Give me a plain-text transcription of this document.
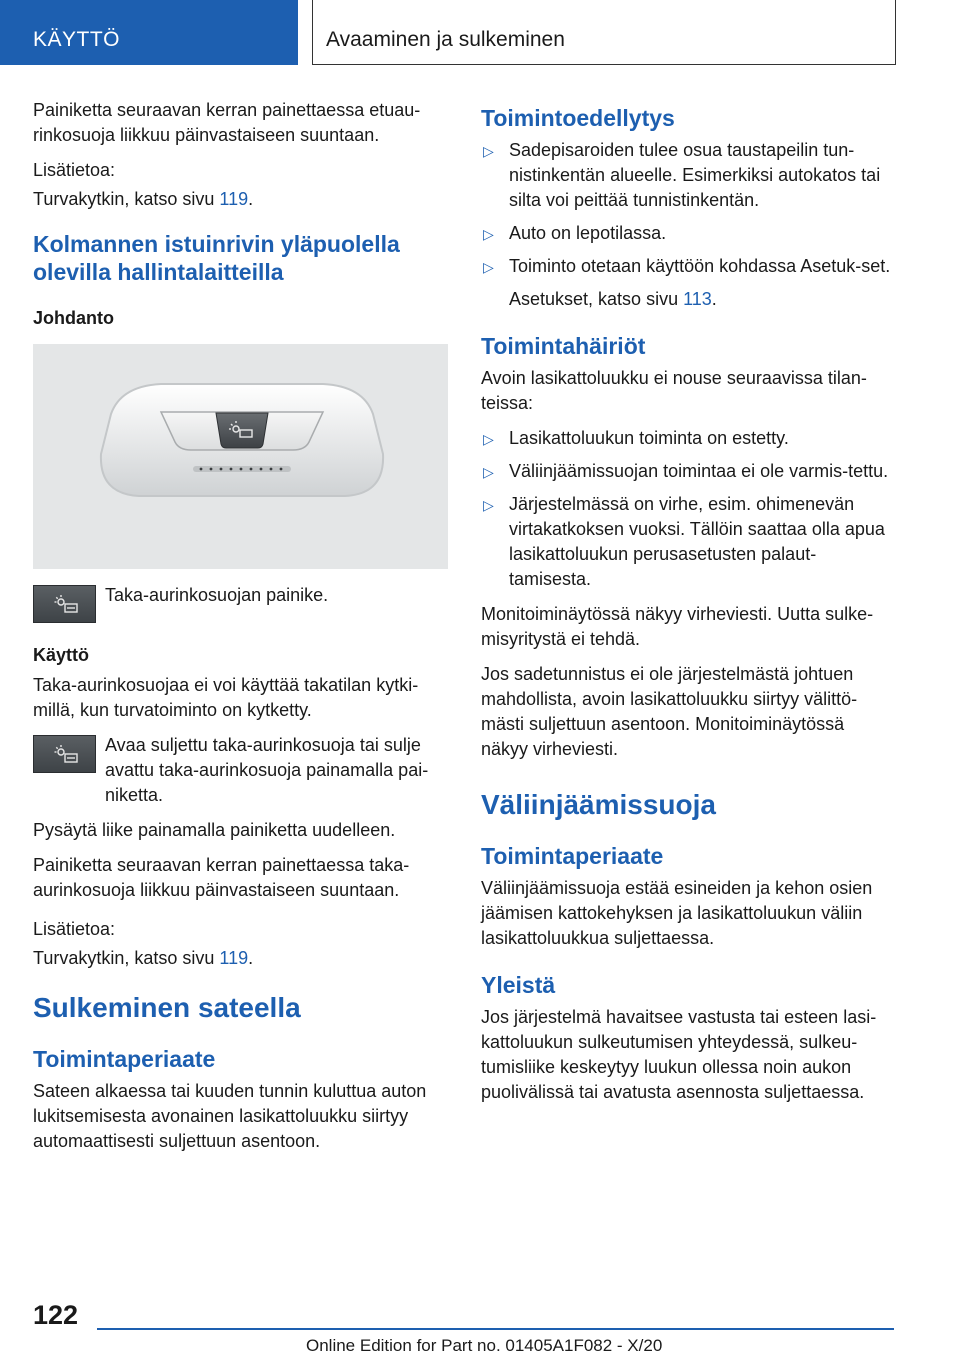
KÄYTTÖ	Avaaminen ja sulkeminen

Painiketta seuraavan kerran painettaessa etuau-rinkosuoja liikkuu päinvastaiseen suuntaan.

Lisätietoa:

Turvakytkin, katso sivu 119.

Kolmannen istuinrivin yläpuolella olevilla hallintalaitteilla
Johdanto

Taka-aurinkosuojan painike.

Käyttö

Taka-aurinkosuojaa ei voi käyttää takatilan kytki-millä, kun turvatoiminto on kytketty.

Avaa suljettu taka-aurinkosuoja tai sulje avattu taka-aurinkosuoja painamalla pai-niketta.

Pysäytä liike painamalla painiketta uudelleen.

Painiketta seuraavan kerran painettaessa taka-aurinkosuoja liikkuu päinvastaiseen suuntaan.

Lisätietoa:

Turvakytkin, katso sivu 119.

Sulkeminen sateella
Toimintaperiaate

Sateen alkaessa tai kuuden tunnin kuluttua auton lukitsemisesta avonainen lasikattoluukku siirtyy automaattisesti suljettuun asentoon.

Toimintoedellytys
▷ Sadepisaroiden tulee osua taustapeilin tun-nistinkentän alueelle. Esimerkiksi autokatos tai silta voi peittää tunnistinkentän.
▷ Auto on lepotilassa.
▷ Toiminto otetaan käyttöön kohdassa Asetuk-set.
Asetukset, katso sivu 113.
Toimintahäiriöt

Avoin lasikattoluukku ei nouse seuraavissa tilan-teissa:

▷ Lasikattoluukun toiminta on estetty.
▷ Väliinjäämissuojan toimintaa ei ole varmis-tettu.
▷ Järjestelmässä on virhe, esim. ohimenevän virtakatkoksen vuoksi. Tällöin saattaa olla apua lasikattoluukun perusasetusten palaut-tamisesta.

Monitoiminäytössä näkyy virheviesti. Uutta sulke-misyritystä ei tehdä.

Jos sadetunnistus ei ole järjestelmästä johtuen mahdollista, avoin lasikattoluukku siirtyy välittö-mästi suljettuun asentoon. Monitoiminäytössä näkyy virheviesti.

Väliinjäämissuoja
Toimintaperiaate

Väliinjäämissuoja estää esineiden ja kehon osien jäämisen kattokehyksen ja lasikattoluukun väliin lasikattoluukkua suljettaessa.

Yleistä

Jos järjestelmä havaitsee vastusta tai esteen lasi-kattoluukun sulkeutumisen yhteydessä, sulkeu-tumisliike keskeytyy luukun ollessa noin aukon puolivälissä tai avatusta asennosta suljettaessa.

122
Online Edition for Part no. 01405A1F082 - X/20
